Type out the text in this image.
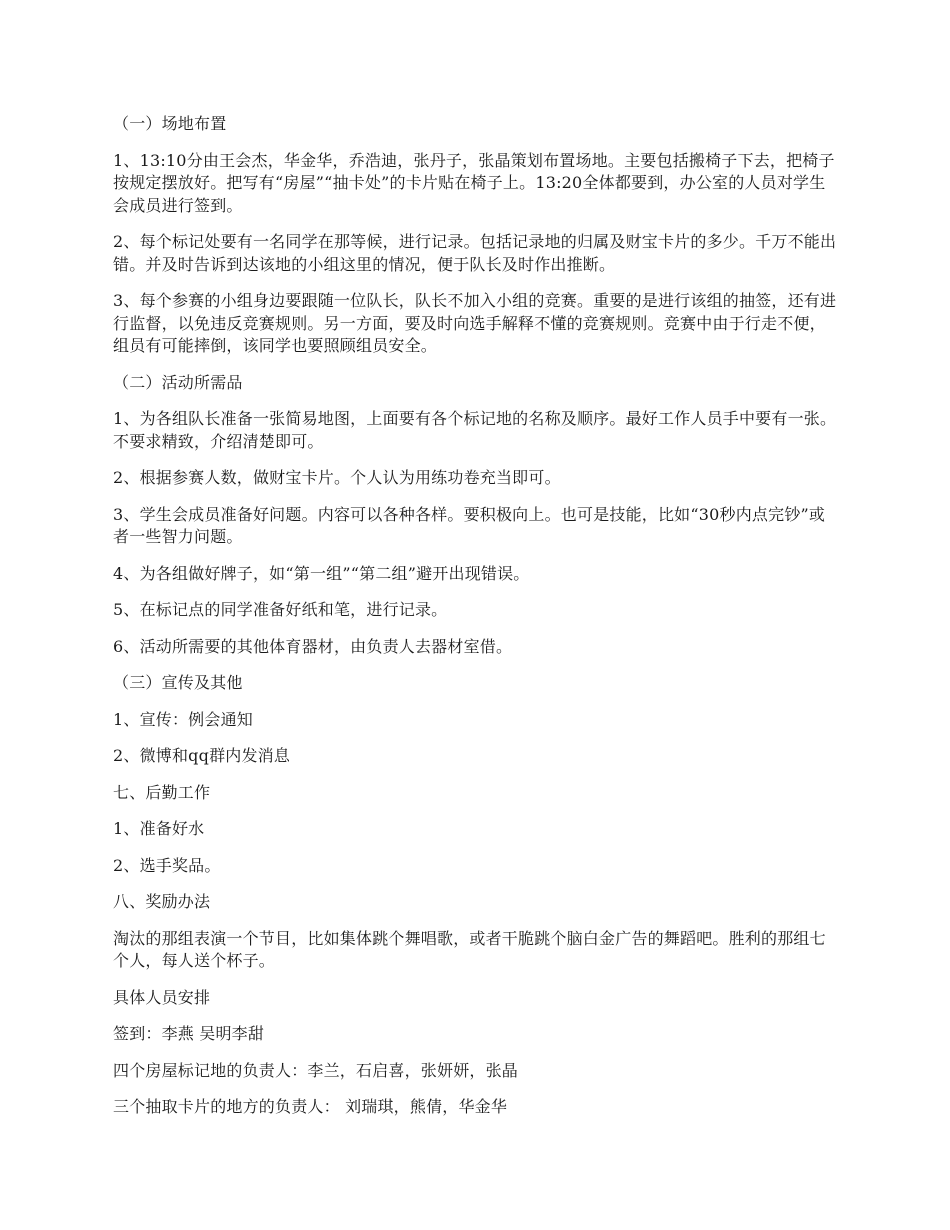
（一）场地布置

1、13:10分由王会杰，华金华，乔浩迪，张丹子，张晶策划布置场地。主要包括搬椅子下去，把椅子按规定摆放好。把写有“房屋”“抽卡处”的卡片贴在椅子上。13:20全体都要到，办公室的人员对学生会成员进行签到。

2、每个标记处要有一名同学在那等候，进行记录。包括记录地的归属及财宝卡片的多少。千万不能出错。并及时告诉到达该地的小组这里的情况，便于队长及时作出推断。

3、每个参赛的小组身边要跟随一位队长，队长不加入小组的竞赛。重要的是进行该组的抽签，还有进行监督，以免违反竞赛规则。另一方面，要及时向选手解释不懂的竞赛规则。竞赛中由于行走不便，组员有可能摔倒，该同学也要照顾组员安全。

（二）活动所需品

1、为各组队长准备一张简易地图，上面要有各个标记地的名称及顺序。最好工作人员手中要有一张。不要求精致，介绍清楚即可。

2、根据参赛人数，做财宝卡片。个人认为用练功卷充当即可。

3、学生会成员准备好问题。内容可以各种各样。要积极向上。也可是技能，比如“30秒内点完钞”或者一些智力问题。

4、为各组做好牌子，如“第一组”“第二组”避开出现错误。

5、在标记点的同学准备好纸和笔，进行记录。

6、活动所需要的其他体育器材，由负责人去器材室借。

（三）宣传及其他

1、宣传：例会通知

2、微博和qq群内发消息

七、后勤工作

1、准备好水

2、选手奖品。

八、奖励办法

淘汰的那组表演一个节目，比如集体跳个舞唱歌，或者干脆跳个脑白金广告的舞蹈吧。胜利的那组七个人，每人送个杯子。

具体人员安排

签到：李燕 吴明李甜

四个房屋标记地的负责人：李兰，石启喜，张妍妍，张晶

三个抽取卡片的地方的负责人： 刘瑞琪，熊倩，华金华
